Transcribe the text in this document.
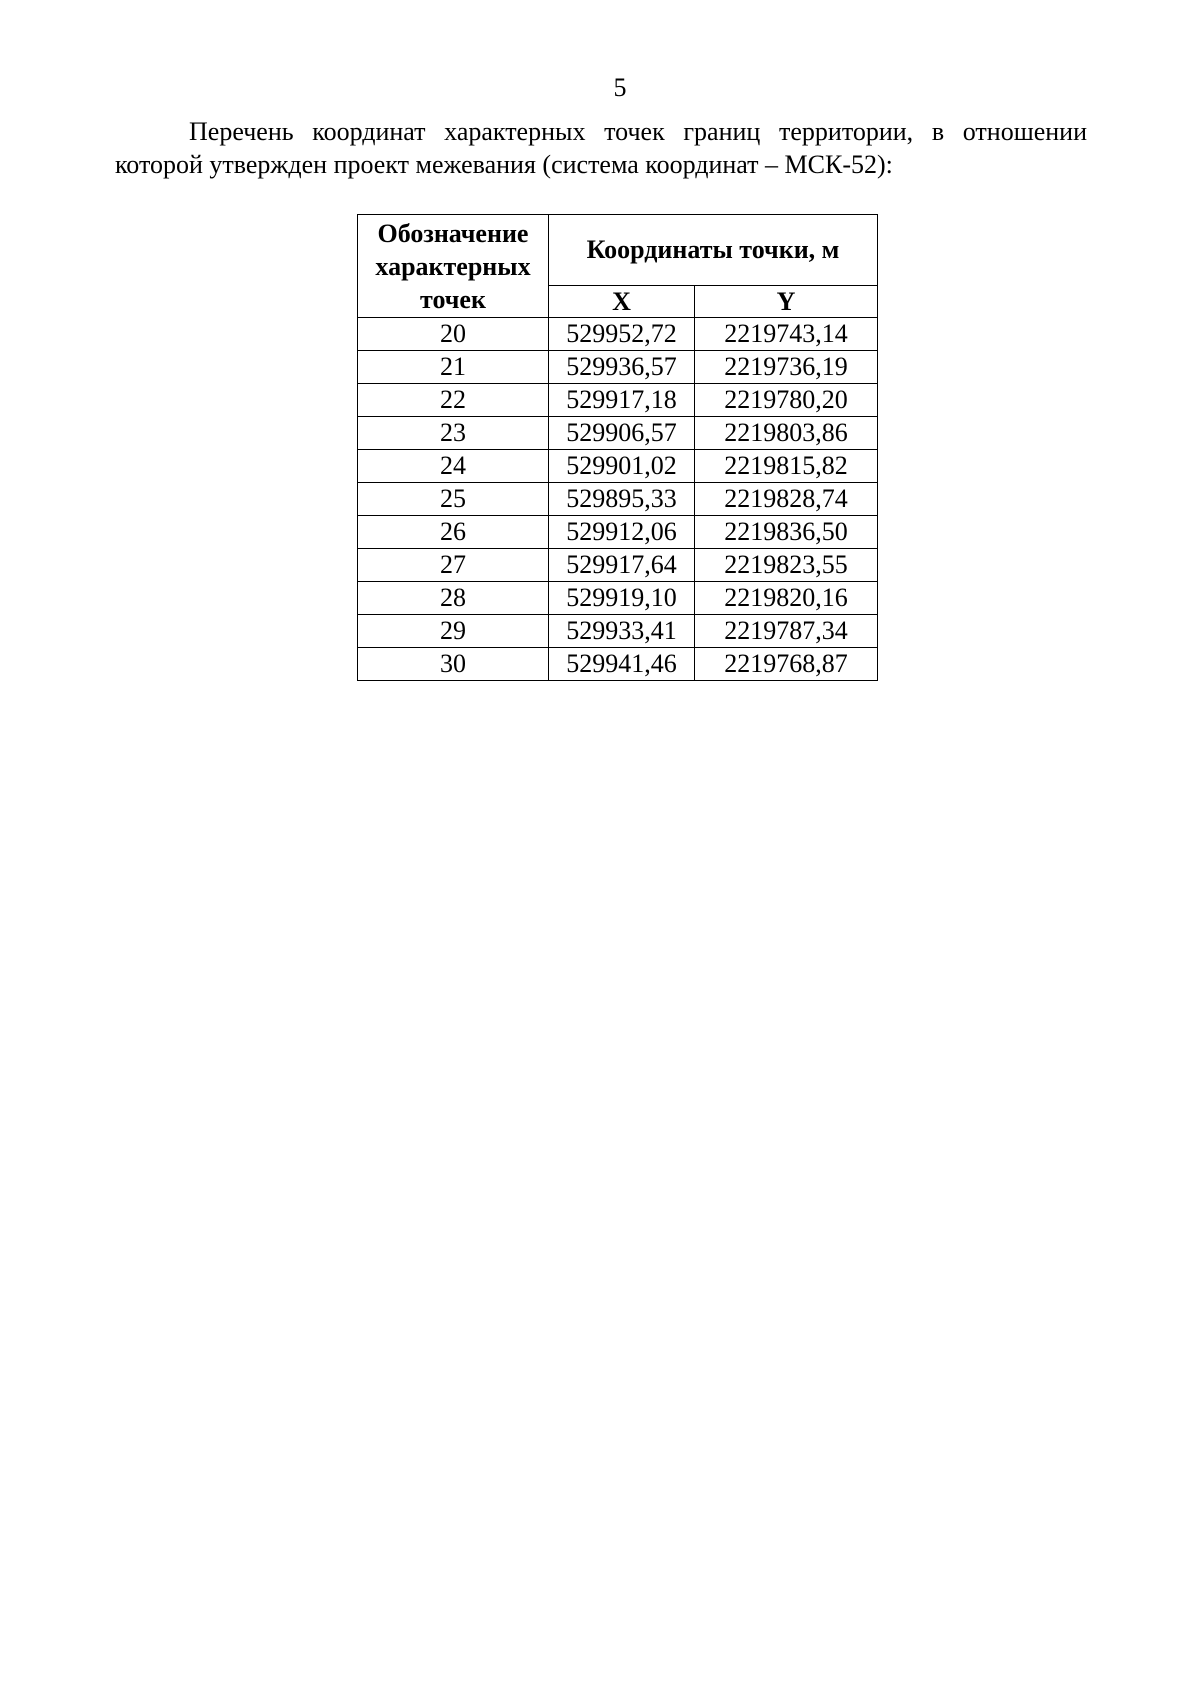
5
Перечень координат характерных точек границ территории, в отношении
которой утвержден проект межевания (система координат – МСК-52):
Обозначение характерных точек	Координаты точки, м	
	X	Y
20	529952,72	2219743,14
21	529936,57	2219736,19
22	529917,18	2219780,20
23	529906,57	2219803,86
24	529901,02	2219815,82
25	529895,33	2219828,74
26	529912,06	2219836,50
27	529917,64	2219823,55
28	529919,10	2219820,16
29	529933,41	2219787,34
30	529941,46	2219768,87
